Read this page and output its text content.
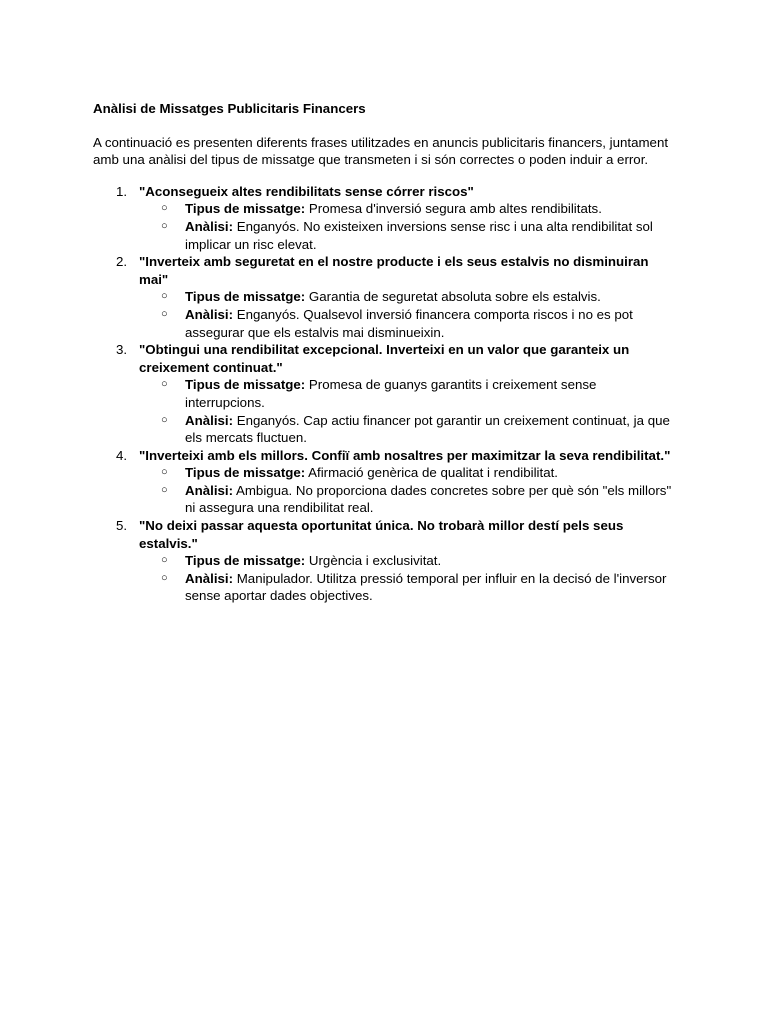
Anàlisi de Missatges Publicitaris Financers
A continuació es presenten diferents frases utilitzades en anuncis publicitaris financers, juntament amb una anàlisi del tipus de missatge que transmeten i si són correctes o poden induir a error.
1. "Aconsegueix altes rendibilitats sense córrer riscos"
○ Tipus de missatge: Promesa d'inversió segura amb altes rendibilitats.
○ Anàlisi: Enganyós. No existeixen inversions sense risc i una alta rendibilitat sol implicar un risc elevat.
2. "Inverteix amb seguretat en el nostre producte i els seus estalvis no disminuiran mai"
○ Tipus de missatge: Garantia de seguretat absoluta sobre els estalvis.
○ Anàlisi: Enganyós. Qualsevol inversió financera comporta riscos i no es pot assegurar que els estalvis mai disminueixin.
3. "Obtingui una rendibilitat excepcional. Inverteixi en un valor que garanteix un creixement continuat."
○ Tipus de missatge: Promesa de guanys garantits i creixement sense interrupcions.
○ Anàlisi: Enganyós. Cap actiu financer pot garantir un creixement continuat, ja que els mercats fluctuen.
4. "Inverteixi amb els millors. Confiï amb nosaltres per maximitzar la seva rendibilitat."
○ Tipus de missatge: Afirmació genèrica de qualitat i rendibilitat.
○ Anàlisi: Ambigua. No proporciona dades concretes sobre per què són "els millors" ni assegura una rendibilitat real.
5. "No deixi passar aquesta oportunitat única. No trobarà millor destí pels seus estalvis."
○ Tipus de missatge: Urgència i exclusivitat.
○ Anàlisi: Manipulador. Utilitza pressió temporal per influir en la decisó de l'inversor sense aportar dades objectives.
